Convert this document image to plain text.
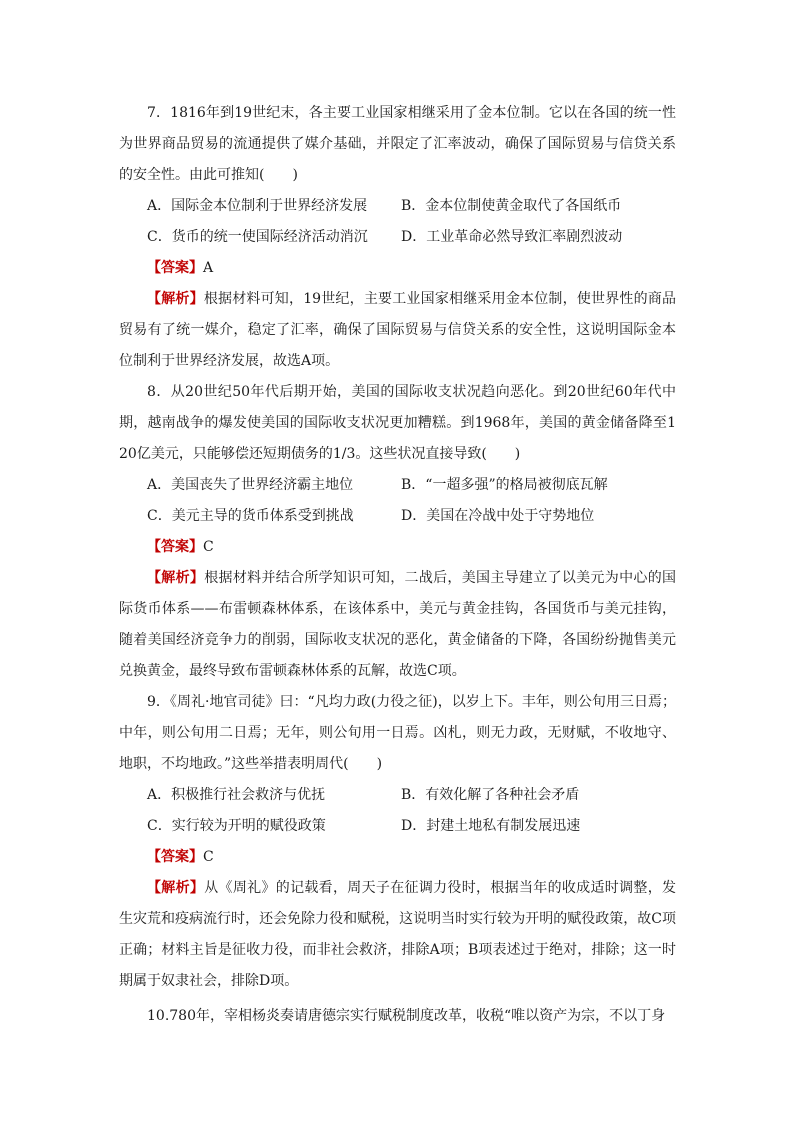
7．1816年到19世纪末，各主要工业国家相继采用了金本位制。它以在各国的统一性为世界商品贸易的流通提供了媒介基础，并限定了汇率波动，确保了国际贸易与信贷关系的安全性。由此可推知(　　)

A．国际金本位制利于世界经济发展	B．金本位制使黄金取代了各国纸币
C．货币的统一使国际经济活动消沉	D．工业革命必然导致汇率剧烈波动

【答案】A

【解析】根据材料可知，19世纪，主要工业国家相继采用金本位制，使世界性的商品贸易有了统一媒介，稳定了汇率，确保了国际贸易与信贷关系的安全性，这说明国际金本位制利于世界经济发展，故选A项。

8．从20世纪50年代后期开始，美国的国际收支状况趋向恶化。到20世纪60年代中期，越南战争的爆发使美国的国际收支状况更加糟糕。到1968年，美国的黄金储备降至120亿美元，只能够偿还短期债务的1/3。这些状况直接导致(　　)

A．美国丧失了世界经济霸主地位	B．“一超多强”的格局被彻底瓦解
C．美元主导的货币体系受到挑战	D．美国在冷战中处于守势地位

【答案】C

【解析】根据材料并结合所学知识可知，二战后，美国主导建立了以美元为中心的国际货币体系——布雷顿森林体系，在该体系中，美元与黄金挂钩，各国货币与美元挂钩，随着美国经济竞争力的削弱，国际收支状况的恶化，黄金储备的下降，各国纷纷抛售美元兑换黄金，最终导致布雷顿森林体系的瓦解，故选C项。

9．《周礼·地官司徒》曰：“凡均力政(力役之征)，以岁上下。丰年，则公旬用三日焉；中年，则公旬用二日焉；无年，则公旬用一日焉。凶札，则无力政，无财赋，不收地守、地职，不均地政。”这些举措表明周代(　　)

A．积极推行社会救济与优抚	B．有效化解了各种社会矛盾
C．实行较为开明的赋役政策	D．封建土地私有制发展迅速

【答案】C

【解析】从《周礼》的记载看，周天子在征调力役时，根据当年的收成适时调整，发生灾荒和疫病流行时，还会免除力役和赋税，这说明当时实行较为开明的赋役政策，故C项正确；材料主旨是征收力役，而非社会救济，排除A项；B项表述过于绝对，排除；这一时期属于奴隶社会，排除D项。

10.780年，宰相杨炎奏请唐德宗实行赋税制度改革，收税“唯以资产为宗，不以丁身
